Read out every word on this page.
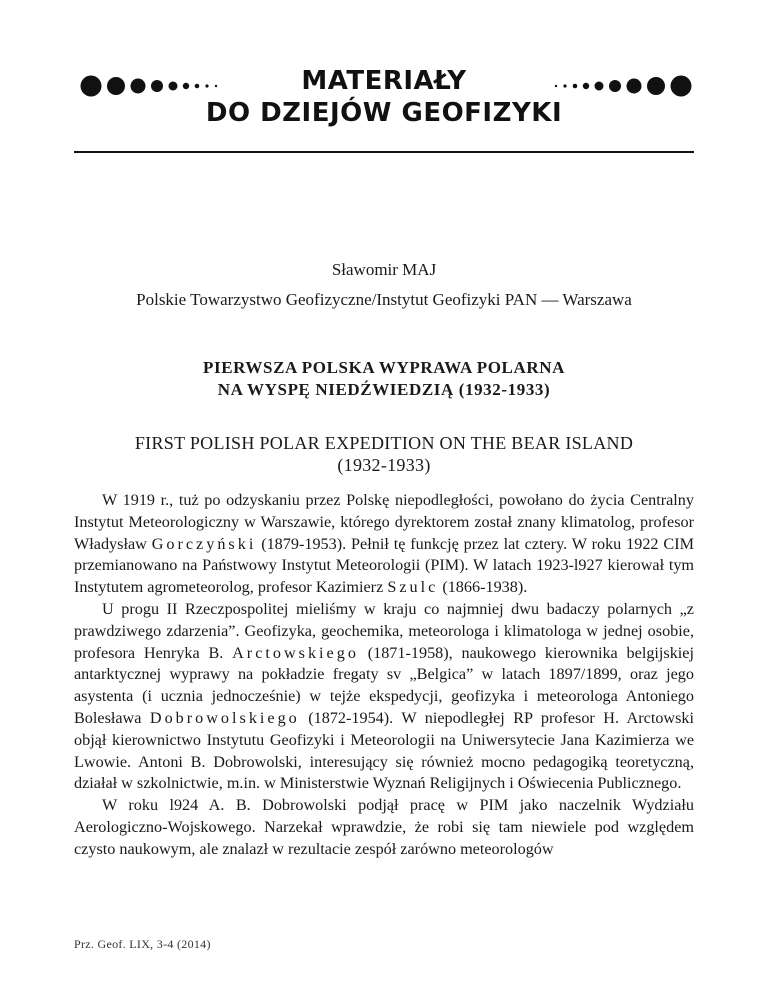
MATERIAŁY
DO DZIEJÓW GEOFIZYKI
Sławomir MAJ
Polskie Towarzystwo Geofizyczne/Instytut Geofizyki PAN — Warszawa
PIERWSZA POLSKA WYPRAWA POLARNA
NA WYSPĘ NIEDŹWIEDZIĄ (1932-1933)
FIRST POLISH POLAR EXPEDITION ON THE BEAR ISLAND
(1932-1933)

W 1919 r., tuż po odzyskaniu przez Polskę niepodległości, powołano do życia Centralny Instytut Meteorologiczny w Warszawie, którego dyrektorem został znany klimatolog, profesor Władysław Gorczyński (1879-1953). Pełnił tę funkcję przez lat cztery. W roku 1922 CIM przemianowano na Państwowy Instytut Meteorologii (PIM). W latach 1923-l927 kierował tym Instytutem agrometeorolog, profesor Kazimierz Szulc (1866-1938).

U progu II Rzeczpospolitej mieliśmy w kraju co najmniej dwu badaczy polarnych „z prawdziwego zdarzenia”. Geofizyka, geochemika, meteorologa i klimatologa w jednej osobie, profesora Henryka B. Arctowskiego (1871-1958), naukowego kierownika belgijskiej antarktycznej wyprawy na pokładzie fregaty sv „Belgica” w latach 1897/1899, oraz jego asystenta (i ucznia jednocześnie) w tejże ekspedycji, geofizyka i meteorologa Antoniego Bolesława Dobrowolskiego (1872-1954). W niepodległej RP profesor H. Arctowski objął kierownictwo Instytutu Geofizyki i Meteorologii na Uniwersytecie Jana Kazimierza we Lwowie. Antoni B. Dobrowolski, interesujący się również mocno pedagogiką teoretyczną, działał w szkolnictwie, m.in. w Ministerstwie Wyznań Religijnych i Oświecenia Publicznego.

W roku l924 A. B. Dobrowolski podjął pracę w PIM jako naczelnik Wydziału Aerologiczno-Wojskowego. Narzekał wprawdzie, że robi się tam niewiele pod względem czysto naukowym, ale znalazł w rezultacie zespół zarówno meteorologów

Prz. Geof. LIX, 3-4 (2014)
